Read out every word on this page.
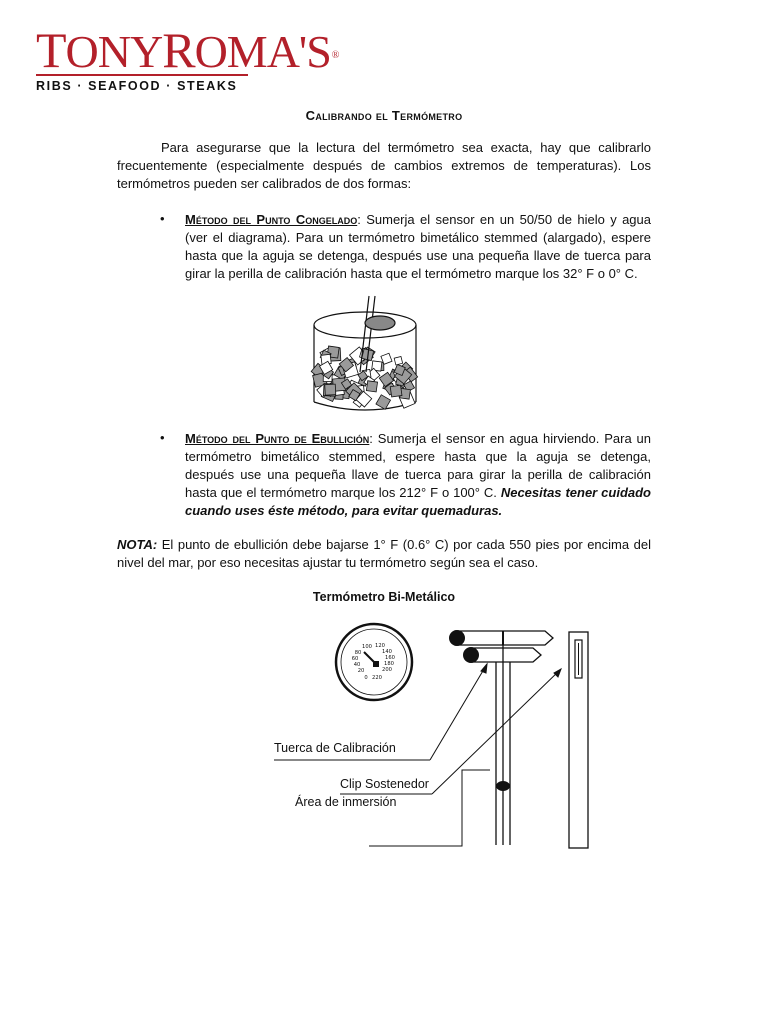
TONYROMA'S®
RIBS · SEAFOOD · STEAKS
Calibrando el Termómetro
Para asegurarse que la lectura del termómetro sea exacta, hay que calibrarlo frecuentemente (especialmente después de cambios extremos de temperaturas). Los termómetros pueden ser calibrados de dos formas:
• Método del Punto Congelado: Sumerja el sensor en un 50/50 de hielo y agua (ver el diagrama). Para un termómetro bimetálico stemmed (alargado), espere hasta que la aguja se detenga, después use una pequeña llave de tuerca para girar la perilla de calibración hasta que el termómetro marque los 32° F o 0° C.
• Método del Punto de Ebullición: Sumerja el sensor en agua hirviendo. Para un termómetro bimetálico stemmed, espere hasta que la aguja se detenga, después use una pequeña llave de tuerca para girar la perilla de calibración hasta que el termómetro marque los 212° F o 100° C. Necesitas tener cuidado cuando uses éste método, para evitar quemaduras.
NOTA: El punto de ebullición debe bajarse 1° F (0.6° C) por cada 550 pies por encima del nivel del mar, por eso necesitas ajustar tu termómetro según sea el caso.
Termómetro Bi-Metálico
100 120
80	140
60	160
40	180
20	200
0 220
Tuerca de Calibración
Clip Sostenedor
Área de inmersión
